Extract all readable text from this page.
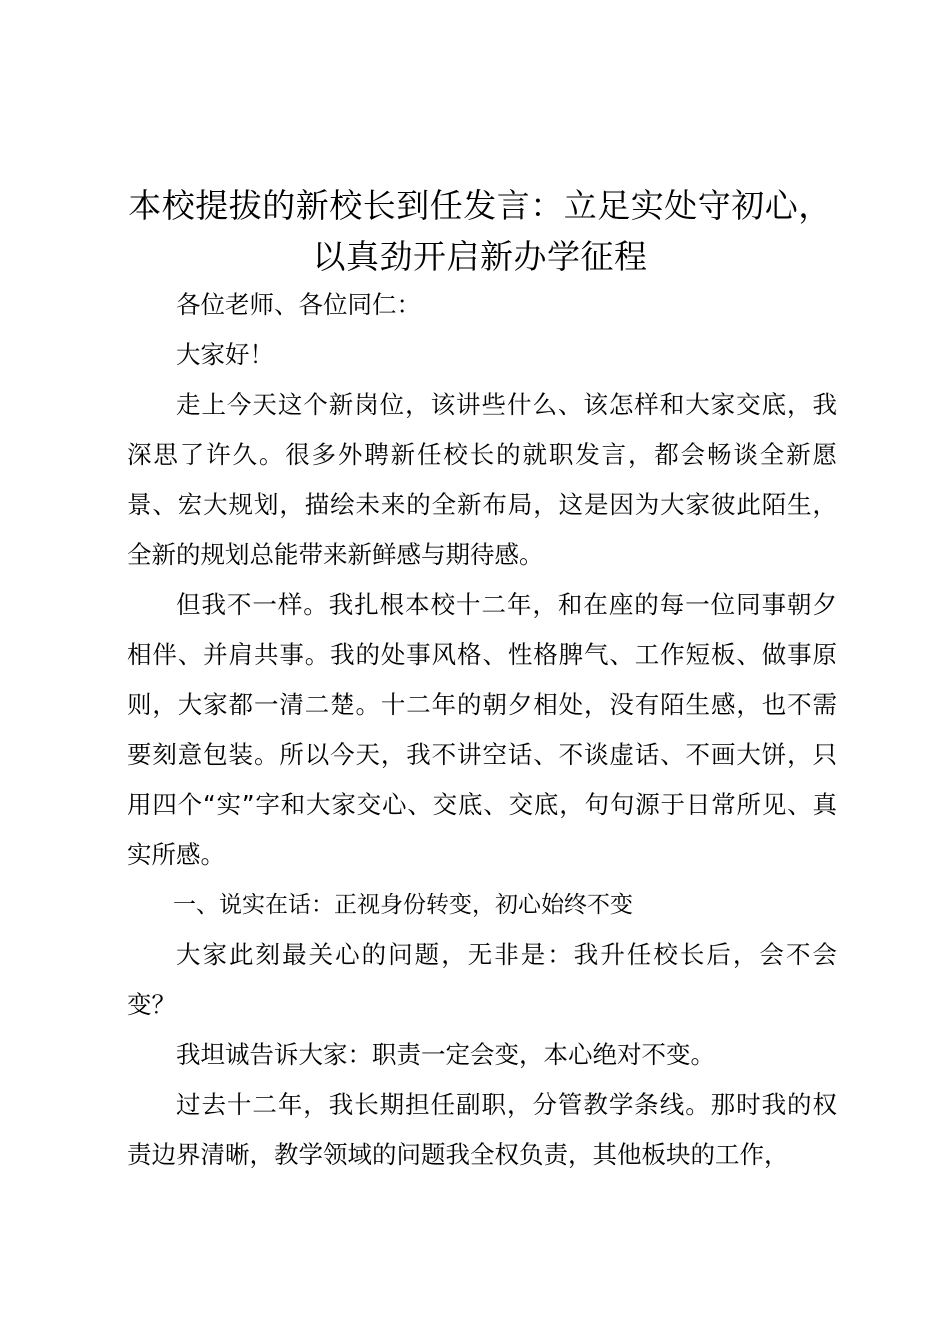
本校提拔的新校长到任发言：立足实处守初心，
以真劲开启新办学征程

各位老师、各位同仁：

大家好！

走上今天这个新岗位，该讲些什么、该怎样和大家交底，我深思了许久。很多外聘新任校长的就职发言，都会畅谈全新愿景、宏大规划，描绘未来的全新布局，这是因为大家彼此陌生，全新的规划总能带来新鲜感与期待感。

但我不一样。我扎根本校十二年，和在座的每一位同事朝夕相伴、并肩共事。我的处事风格、性格脾气、工作短板、做事原则，大家都一清二楚。十二年的朝夕相处，没有陌生感，也不需要刻意包装。所以今天，我不讲空话、不谈虚话、不画大饼，只用四个“实”字和大家交心、交底、交底，句句源于日常所见、真实所感。

一、说实在话：正视身份转变，初心始终不变

大家此刻最关心的问题，无非是：我升任校长后，会不会变？

我坦诚告诉大家：职责一定会变，本心绝对不变。

过去十二年，我长期担任副职，分管教学条线。那时我的权责边界清晰，教学领域的问题我全权负责，其他板块的工作，
